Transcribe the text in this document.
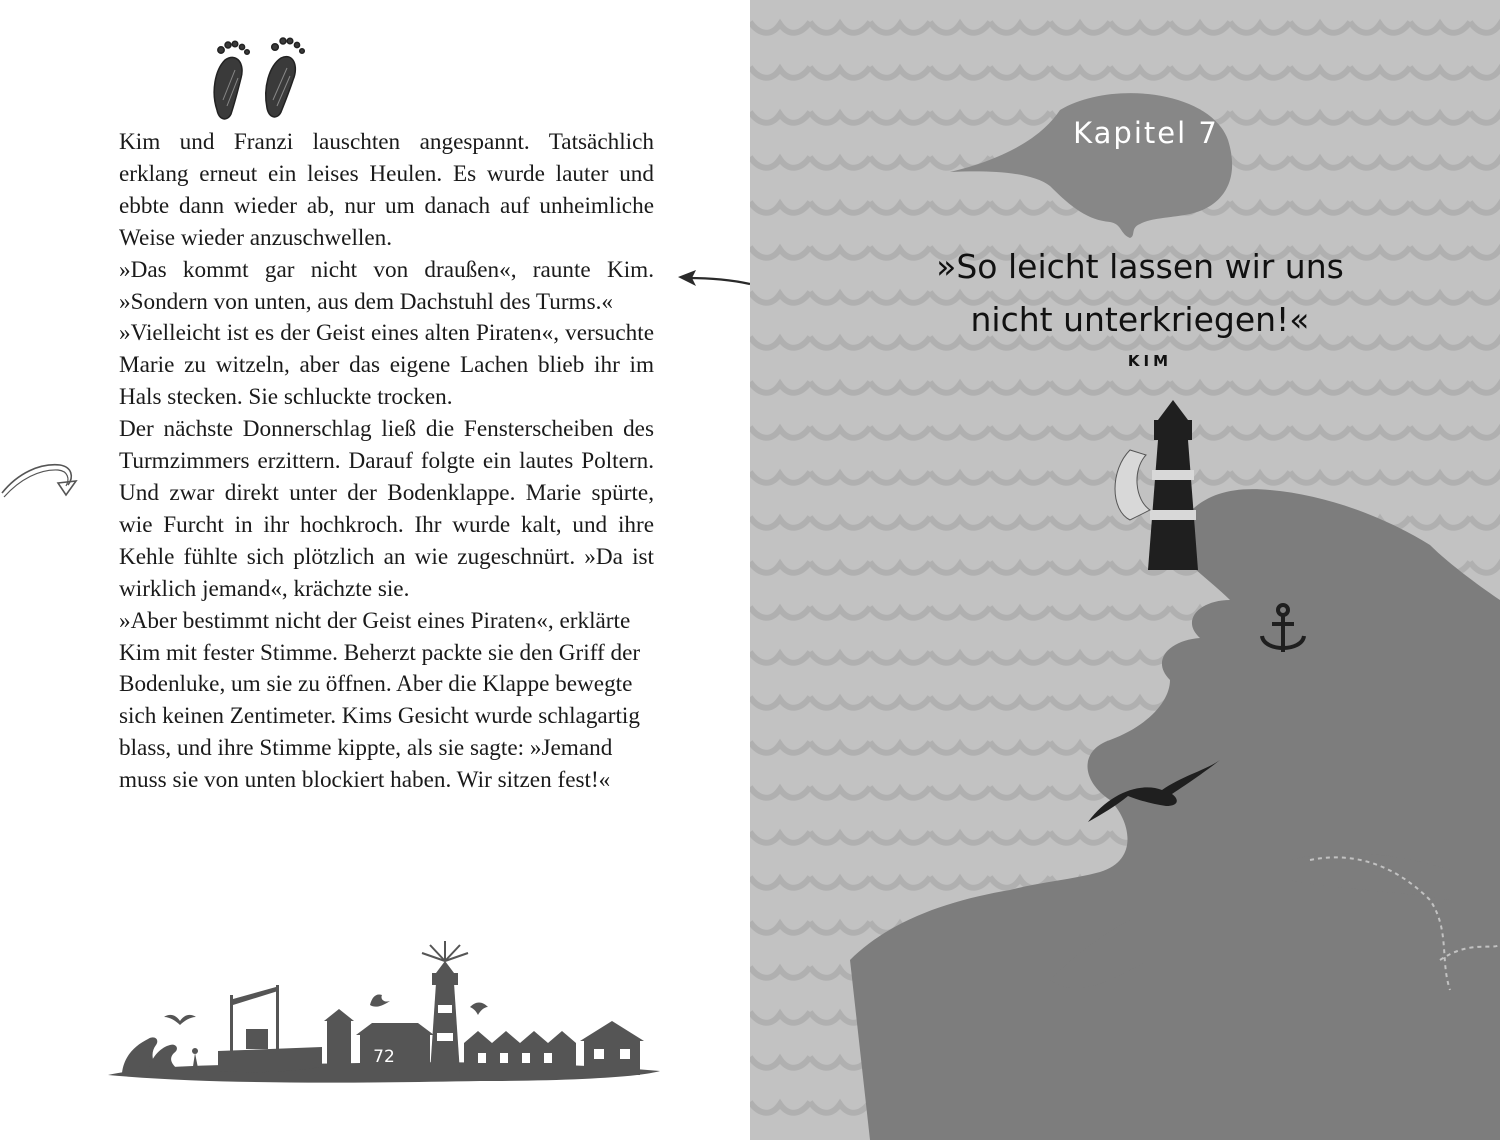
Kim und Franzi lauschten angespannt. Tatsächlich erklang erneut ein leises Heulen. Es wurde lauter und ebbte dann wieder ab, nur um danach auf unheimliche Weise wieder anzuschwellen.

»Das kommt gar nicht von draußen«, raunte Kim. »Sondern von unten, aus dem Dachstuhl des Turms.«

»Vielleicht ist es der Geist eines alten Piraten«, versuchte Marie zu witzeln, aber das eigene Lachen blieb ihr im Hals stecken. Sie schluckte trocken.

Der nächste Donnerschlag ließ die Fensterscheiben des Turmzimmers erzittern. Darauf folgte ein lautes Poltern. Und zwar direkt unter der Bodenklappe. Marie spürte, wie Furcht in ihr hochkroch. Ihr wurde kalt, und ihre Kehle fühlte sich plötzlich an wie zugeschnürt. »Da ist wirklich jemand«, krächzte sie.

»Aber bestimmt nicht der Geist eines Piraten«, erklärte Kim mit fester Stimme. Beherzt packte sie den Griff der Bodenluke, um sie zu öffnen. Aber die Klappe bewegte sich keinen Zentimeter. Kims Gesicht wurde schlagartig blass, und ihre Stimme kippte, als sie sagte: »Jemand muss sie von unten blockiert haben. Wir sitzen fest!«

72
Kapitel 7
»So leicht lassen wir uns
nicht unterkriegen!«
KIM
